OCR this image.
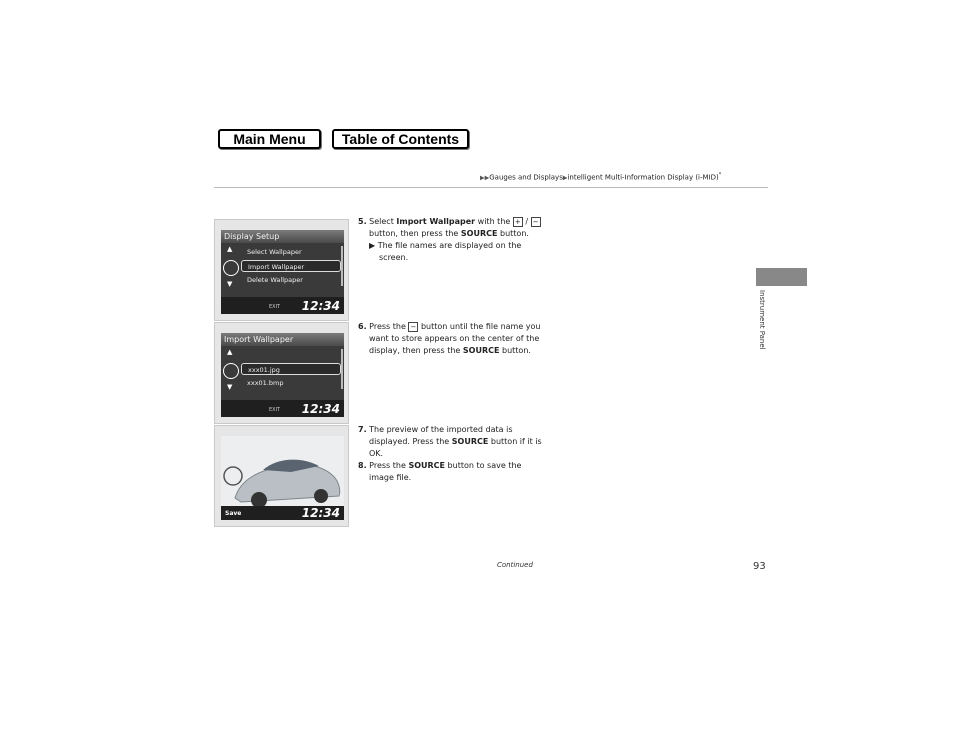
Main Menu	Table of Contents
▶▶Gauges and Displays▶intelligent Multi-Information Display (i-MID)*
Instrument Panel
Display Setup
▲
▼
Select Wallpaper
Import Wallpaper
Delete Wallpaper
EXIT 12:34
Import Wallpaper
▲
▼
xxx01.jpg
xxx01.bmp
EXIT 12:34
Save	12:34
5. Select Import Wallpaper with the + / −
button, then press the SOURCE button.
▶ The file names are displayed on the
screen.
6. Press the − button until the file name you
want to store appears on the center of the
display, then press the SOURCE button.
7. The preview of the imported data is
displayed. Press the SOURCE button if it is
OK.
8. Press the SOURCE button to save the
image file.
Continued	93
